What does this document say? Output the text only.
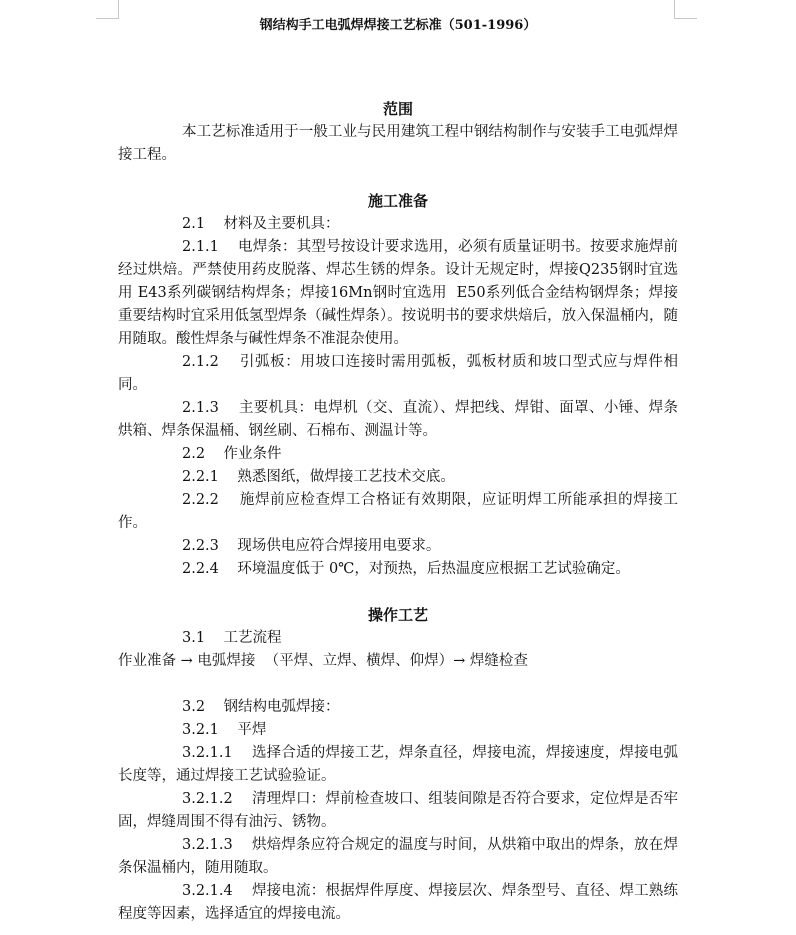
钢结构手工电弧焊焊接工艺标准（501-1996）
范围
本工艺标准适用于一般工业与民用建筑工程中钢结构制作与安装手工电弧焊焊接工程。
施工准备
2.1    材料及主要机具：
2.1.1    电焊条：其型号按设计要求选用，必须有质量证明书。按要求施焊前经过烘焙。严禁使用药皮脱落、焊芯生锈的焊条。设计无规定时，焊接Q235钢时宜选用 E43系列碳钢结构焊条；焊接16Mn钢时宜选用  E50系列低合金结构钢焊条；焊接重要结构时宜采用低氢型焊条（碱性焊条）。按说明书的要求烘焙后，放入保温桶内，随用随取。酸性焊条与碱性焊条不准混杂使用。
2.1.2    引弧板：用坡口连接时需用弧板，弧板材质和坡口型式应与焊件相同。
2.1.3    主要机具：电焊机（交、直流）、焊把线、焊钳、面罩、小锤、焊条烘箱、焊条保温桶、钢丝刷、石棉布、测温计等。
2.2    作业条件
2.2.1    熟悉图纸，做焊接工艺技术交底。
2.2.2    施焊前应检查焊工合格证有效期限，应证明焊工所能承担的焊接工作。
2.2.3    现场供电应符合焊接用电要求。
2.2.4    环境温度低于 0℃，对预热，后热温度应根据工艺试验确定。
操作工艺
3.1    工艺流程
作业准备 → 电弧焊接  （平焊、立焊、横焊、仰焊）→ 焊缝检查
3.2    钢结构电弧焊接：
3.2.1    平焊
3.2.1.1    选择合适的焊接工艺，焊条直径，焊接电流，焊接速度，焊接电弧长度等，通过焊接工艺试验验证。
3.2.1.2    清理焊口：焊前检查坡口、组装间隙是否符合要求，定位焊是否牢固，焊缝周围不得有油污、锈物。
3.2.1.3    烘焙焊条应符合规定的温度与时间，从烘箱中取出的焊条，放在焊条保温桶内，随用随取。
3.2.1.4    焊接电流：根据焊件厚度、焊接层次、焊条型号、直径、焊工熟练程度等因素，选择适宜的焊接电流。
